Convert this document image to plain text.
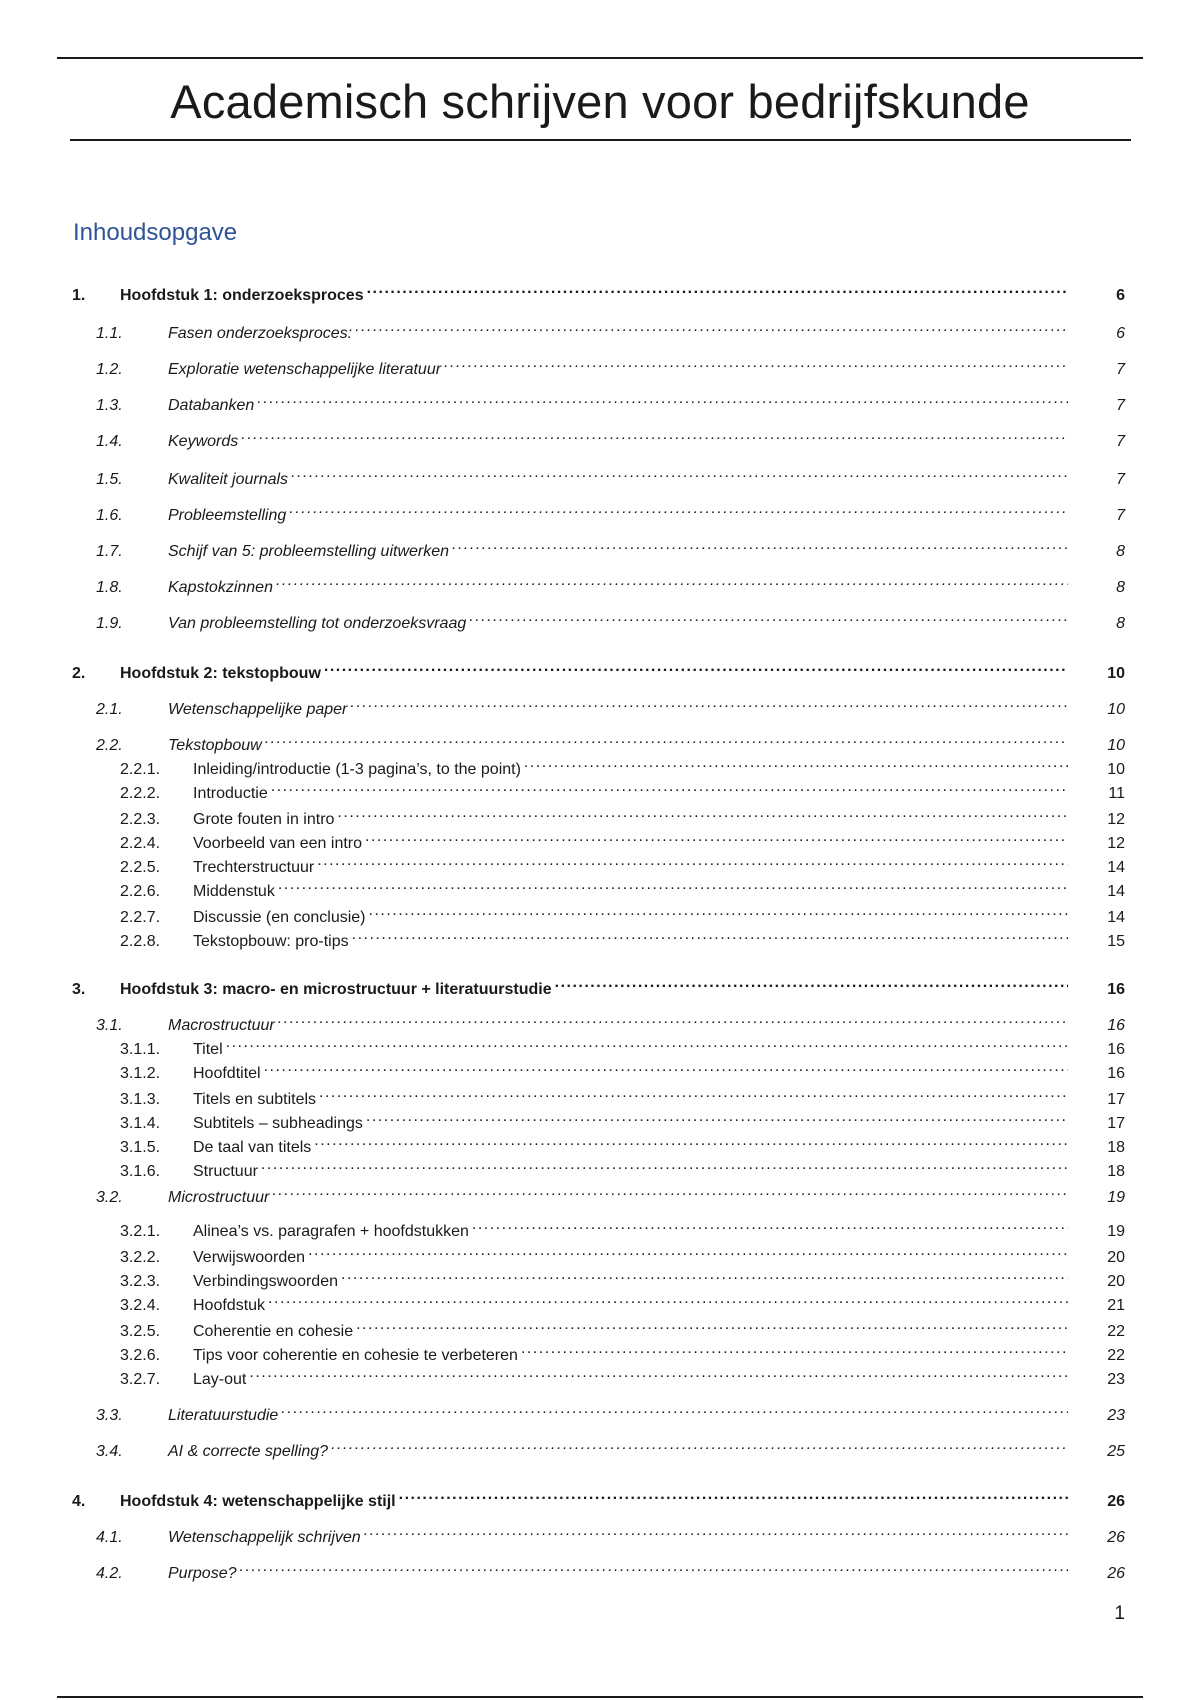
Academisch schrijven voor bedrijfskunde
Inhoudsopgave
1.	Hoofdstuk 1: onderzoeksproces .....	6
1.1.	Fasen onderzoeksproces: .....	6
1.2.	Exploratie wetenschappelijke literatuur .....	7
1.3.	Databanken .....	7
1.4.	Keywords .....	7
1.5.	Kwaliteit journals .....	7
1.6.	Probleemstelling .....	7
1.7.	Schijf van 5: probleemstelling uitwerken .....	8
1.8.	Kapstokzinnen .....	8
1.9.	Van probleemstelling tot onderzoeksvraag .....	8
2.	Hoofdstuk 2: tekstopbouw .....	10
2.1.	Wetenschappelijke paper .....	10
2.2.	Tekstopbouw .....	10
2.2.1.	Inleiding/introductie (1-3 pagina’s, to the point) .....	10
2.2.2.	Introductie .....	11
2.2.3.	Grote fouten in intro .....	12
2.2.4.	Voorbeeld van een intro .....	12
2.2.5.	Trechterstructuur .....	14
2.2.6.	Middenstuk .....	14
2.2.7.	Discussie (en conclusie) .....	14
2.2.8.	Tekstopbouw: pro-tips .....	15
3.	Hoofdstuk 3: macro- en microstructuur + literatuurstudie .....	16
3.1.	Macrostructuur .....	16
3.1.1.	Titel .....	16
3.1.2.	Hoofdtitel .....	16
3.1.3.	Titels en subtitels .....	17
3.1.4.	Subtitels – subheadings .....	17
3.1.5.	De taal van titels .....	18
3.1.6.	Structuur .....	18
3.2.	Microstructuur .....	19
3.2.1.	Alinea’s vs. paragrafen + hoofdstukken .....	19
3.2.2.	Verwijswoorden .....	20
3.2.3.	Verbindingswoorden .....	20
3.2.4.	Hoofdstuk .....	21
3.2.5.	Coherentie en cohesie .....	22
3.2.6.	Tips voor coherentie en cohesie te verbeteren .....	22
3.2.7.	Lay-out .....	23
3.3.	Literatuurstudie .....	23
3.4.	AI & correcte spelling? .....	25
4.	Hoofdstuk 4: wetenschappelijke stijl .....	26
4.1.	Wetenschappelijk schrijven .....	26
4.2.	Purpose? .....	26
1
